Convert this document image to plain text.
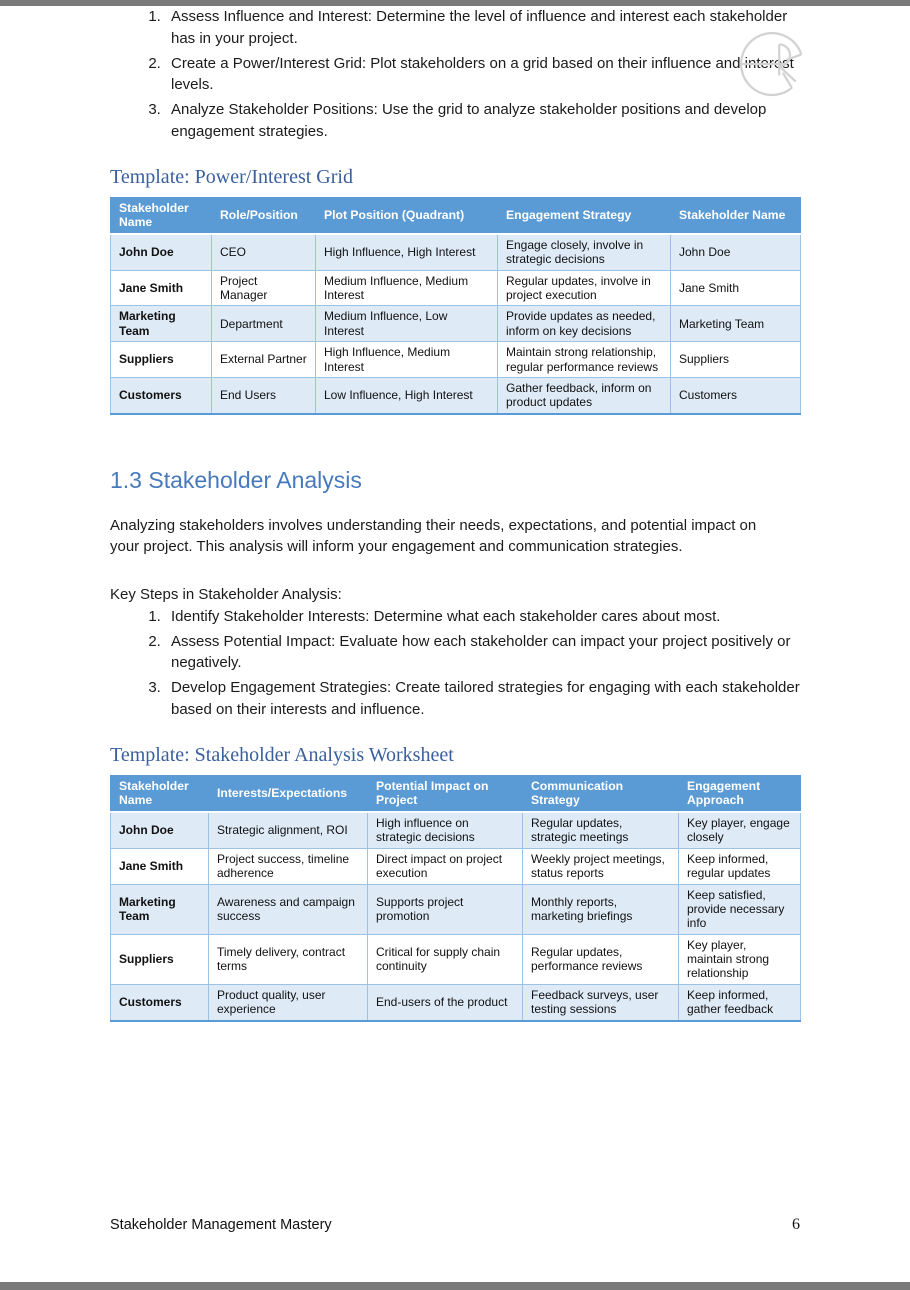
1. Assess Influence and Interest: Determine the level of influence and interest each stakeholder has in your project.
2. Create a Power/Interest Grid: Plot stakeholders on a grid based on their influence and interest levels.
3. Analyze Stakeholder Positions: Use the grid to analyze stakeholder positions and develop engagement strategies.
Template: Power/Interest Grid
Stakeholder Name	Role/Position	Plot Position (Quadrant)	Engagement Strategy	Stakeholder Name
John Doe	CEO	High Influence, High Interest	Engage closely, involve in strategic decisions	John Doe
Jane Smith	Project Manager	Medium Influence, Medium Interest	Regular updates, involve in project execution	Jane Smith
Marketing Team	Department	Medium Influence, Low Interest	Provide updates as needed, inform on key decisions	Marketing Team
Suppliers	External Partner	High Influence, Medium Interest	Maintain strong relationship, regular performance reviews	Suppliers
Customers	End Users	Low Influence, High Interest	Gather feedback, inform on product updates	Customers
1.3 Stakeholder Analysis

Analyzing stakeholders involves understanding their needs, expectations, and potential impact on your project. This analysis will inform your engagement and communication strategies.

Key Steps in Stakeholder Analysis:

1. Identify Stakeholder Interests: Determine what each stakeholder cares about most.
2. Assess Potential Impact: Evaluate how each stakeholder can impact your project positively or negatively.
3. Develop Engagement Strategies: Create tailored strategies for engaging with each stakeholder based on their interests and influence.
Template: Stakeholder Analysis Worksheet
Stakeholder Name	Interests/Expectations	Potential Impact on Project	Communication Strategy	Engagement Approach
John Doe	Strategic alignment, ROI	High influence on strategic decisions	Regular updates, strategic meetings	Key player, engage closely
Jane Smith	Project success, timeline adherence	Direct impact on project execution	Weekly project meetings, status reports	Keep informed, regular updates
Marketing Team	Awareness and campaign success	Supports project promotion	Monthly reports, marketing briefings	Keep satisfied, provide necessary info
Suppliers	Timely delivery, contract terms	Critical for supply chain continuity	Regular updates, performance reviews	Key player, maintain strong relationship
Customers	Product quality, user experience	End-users of the product	Feedback surveys, user testing sessions	Keep informed, gather feedback
Stakeholder Management Mastery	6
